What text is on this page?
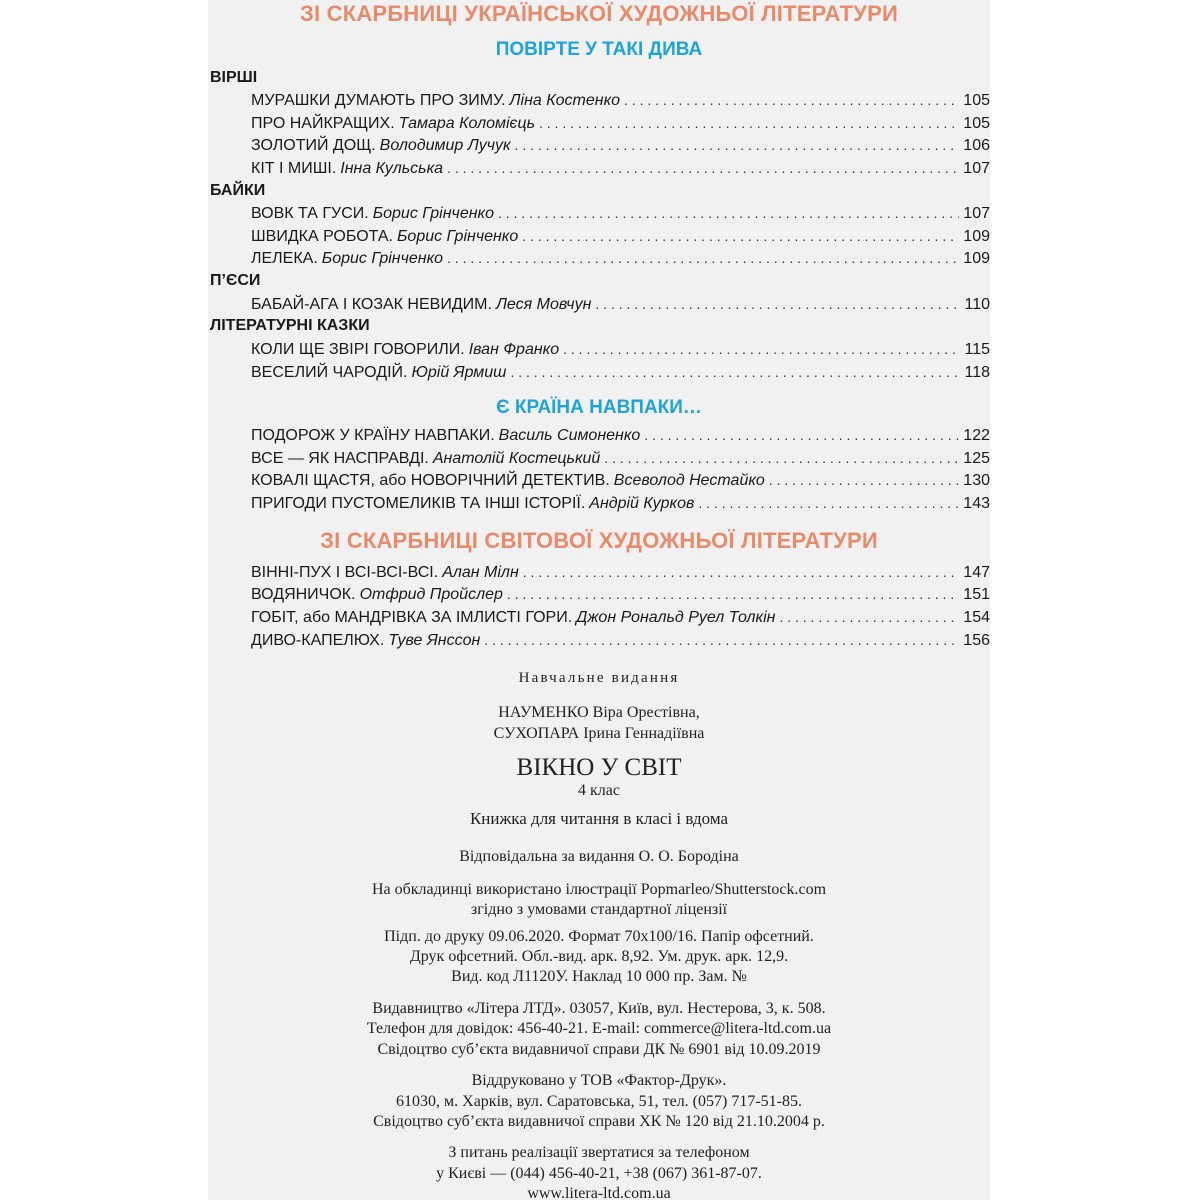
ЗІ СКАРБНИЦІ УКРАЇНСЬКОЇ ХУДОЖНЬОЇ ЛІТЕРАТУРИ
ПОВІРТЕ У ТАКІ ДИВА
ВІРШІ
МУРАШКИ ДУМАЮТЬ ПРО ЗИМУ. Ліна Костенко . . .	105
ПРО НАЙКРАЩИХ. Тамара Коломієць . . .	105
ЗОЛОТИЙ ДОЩ. Володимир Лучук . . .	106
КІТ І МИШІ. Інна Кульська . . .	107
БАЙКИ
ВОВК ТА ГУСИ. Борис Грінченко . . .	107
ШВИДКА РОБОТА. Борис Грінченко . . .	109
ЛЕЛЕКА. Борис Грінченко . . .	109
П’ЄСИ
БАБАЙ-АГА І КОЗАК НЕВИДИМ. Леся Мовчун . . .	110
ЛІТЕРАТУРНІ КАЗКИ
КОЛИ ЩЕ ЗВІРІ ГОВОРИЛИ. Іван Франко . . .	115
ВЕСЕЛИЙ ЧАРОДІЙ. Юрій Ярмиш . . .	118
Є КРАЇНА НАВПАКИ…
ПОДОРОЖ У КРАЇНУ НАВПАКИ. Василь Симоненко . . .	122
ВСЕ — ЯК НАСПРАВДІ. Анатолій Костецький . . .	125
КОВАЛІ ЩАСТЯ, або НОВОРІЧНИЙ ДЕТЕКТИВ. Всеволод Нестайко . . .	130
ПРИГОДИ ПУСТОМЕЛИКІВ ТА ІНШІ ІСТОРІЇ. Андрій Курков . . .	143
ЗІ СКАРБНИЦІ СВІТОВОЇ ХУДОЖНЬОЇ ЛІТЕРАТУРИ
ВІННІ-ПУХ І ВСІ-ВСІ-ВСІ. Алан Мілн . . .	147
ВОДЯНИЧОК. Отфрид Пройслер . . .	151
ГОБІТ, або МАНДРІВКА ЗА ІМЛИСТІ ГОРИ. Джон Рональд Руел Толкін . . .	154
ДИВО-КАПЕЛЮХ. Туве Янссон . . .	156
Навчальне видання
НАУМЕНКО Віра Орестівна,
СУХОПАРА Ірина Геннадіївна
ВІКНО У СВІТ
4 клас
Книжка для читання в класі і вдома
Відповідальна за видання О. О. Бородіна
На обкладинці використано ілюстрації Popmarleo/Shutterstock.com
згідно з умовами стандартної ліцензії
Підп. до друку 09.06.2020. Формат 70х100/16. Папір офсетний.
Друк офсетний. Обл.-вид. арк. 8,92. Ум. друк. арк. 12,9.
Вид. код Л1120У. Наклад 10 000 пр. Зам. №
Видавництво «Літера ЛТД». 03057, Київ, вул. Нестерова, 3, к. 508.
Телефон для довідок: 456-40-21. E-mail: commerce@litera-ltd.com.ua
Свідоцтво суб’єкта видавничої справи ДК № 6901 від 10.09.2019
Віддруковано у ТОВ «Фактор-Друк».
61030, м. Харків, вул. Саратовська, 51, тел. (057) 717-51-85.
Свідоцтво суб’єкта видавничої справи ХК № 120 від 21.10.2004 р.
З питань реалізації звертатися за телефоном
у Києві — (044) 456-40-21, +38 (067) 361-87-07.
www.litera-ltd.com.ua
